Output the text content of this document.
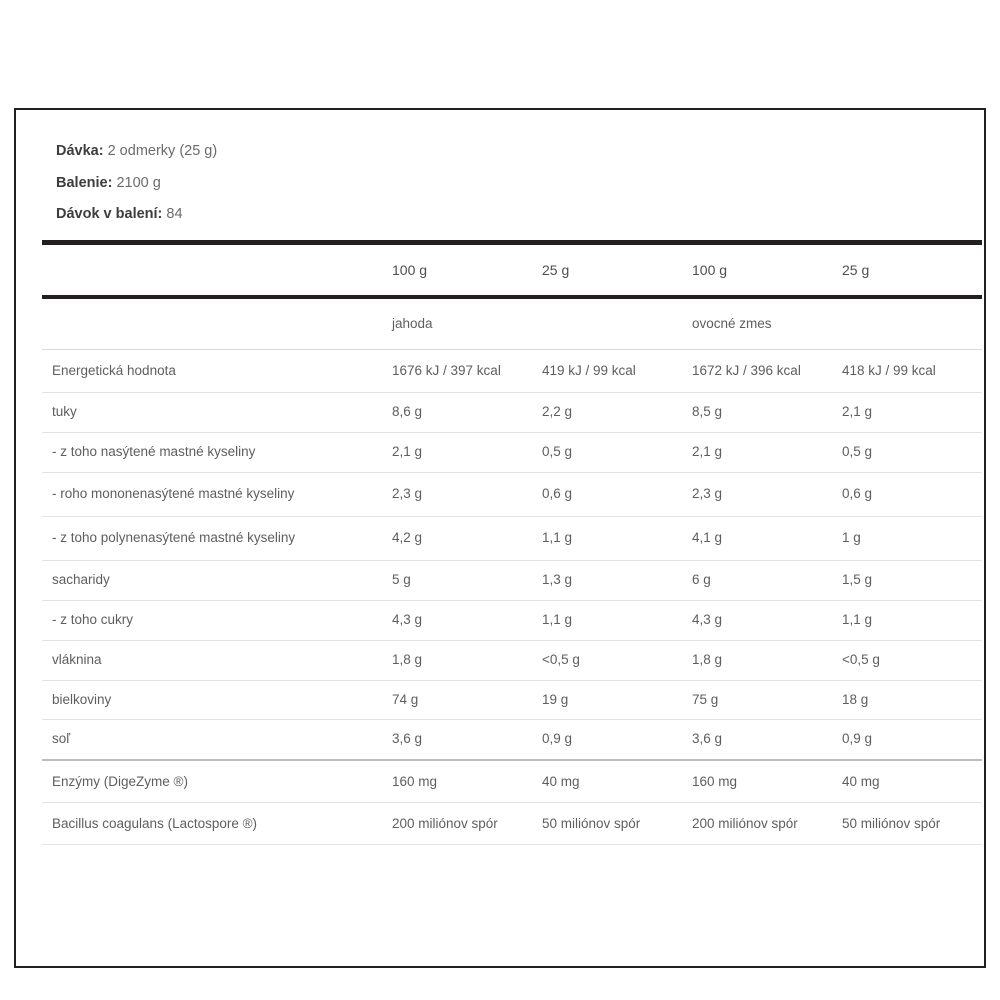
Dávka: 2 odmerky (25 g)
Balenie: 2100 g
Dávok v balení: 84

	100 g	25 g	100 g	25 g
	jahoda		ovocné zmes	
Energetická hodnota	1676 kJ / 397 kcal	419 kJ / 99 kcal	1672 kJ / 396 kcal	418 kJ / 99 kcal
tuky	8,6 g	2,2 g	8,5 g	2,1 g
- z toho nasýtené mastné kyseliny	2,1 g	0,5 g	2,1 g	0,5 g
- roho mononenasýtené mastné kyseliny	2,3 g	0,6 g	2,3 g	0,6 g
- z toho polynenasýtené mastné kyseliny	4,2 g	1,1 g	4,1 g	1 g
sacharidy	5 g	1,3 g	6 g	1,5 g
- z toho cukry	4,3 g	1,1 g	4,3 g	1,1 g
vláknina	1,8 g	<0,5 g	1,8 g	<0,5 g
bielkoviny	74 g	19 g	75 g	18 g
soľ	3,6 g	0,9 g	3,6 g	0,9 g
Enzýmy (DigeZyme ®)	160 mg	40 mg	160 mg	40 mg
Bacillus coagulans (Lactospore ®)	200 miliónov spór	50 miliónov spór	200 miliónov spór	50 miliónov spór
